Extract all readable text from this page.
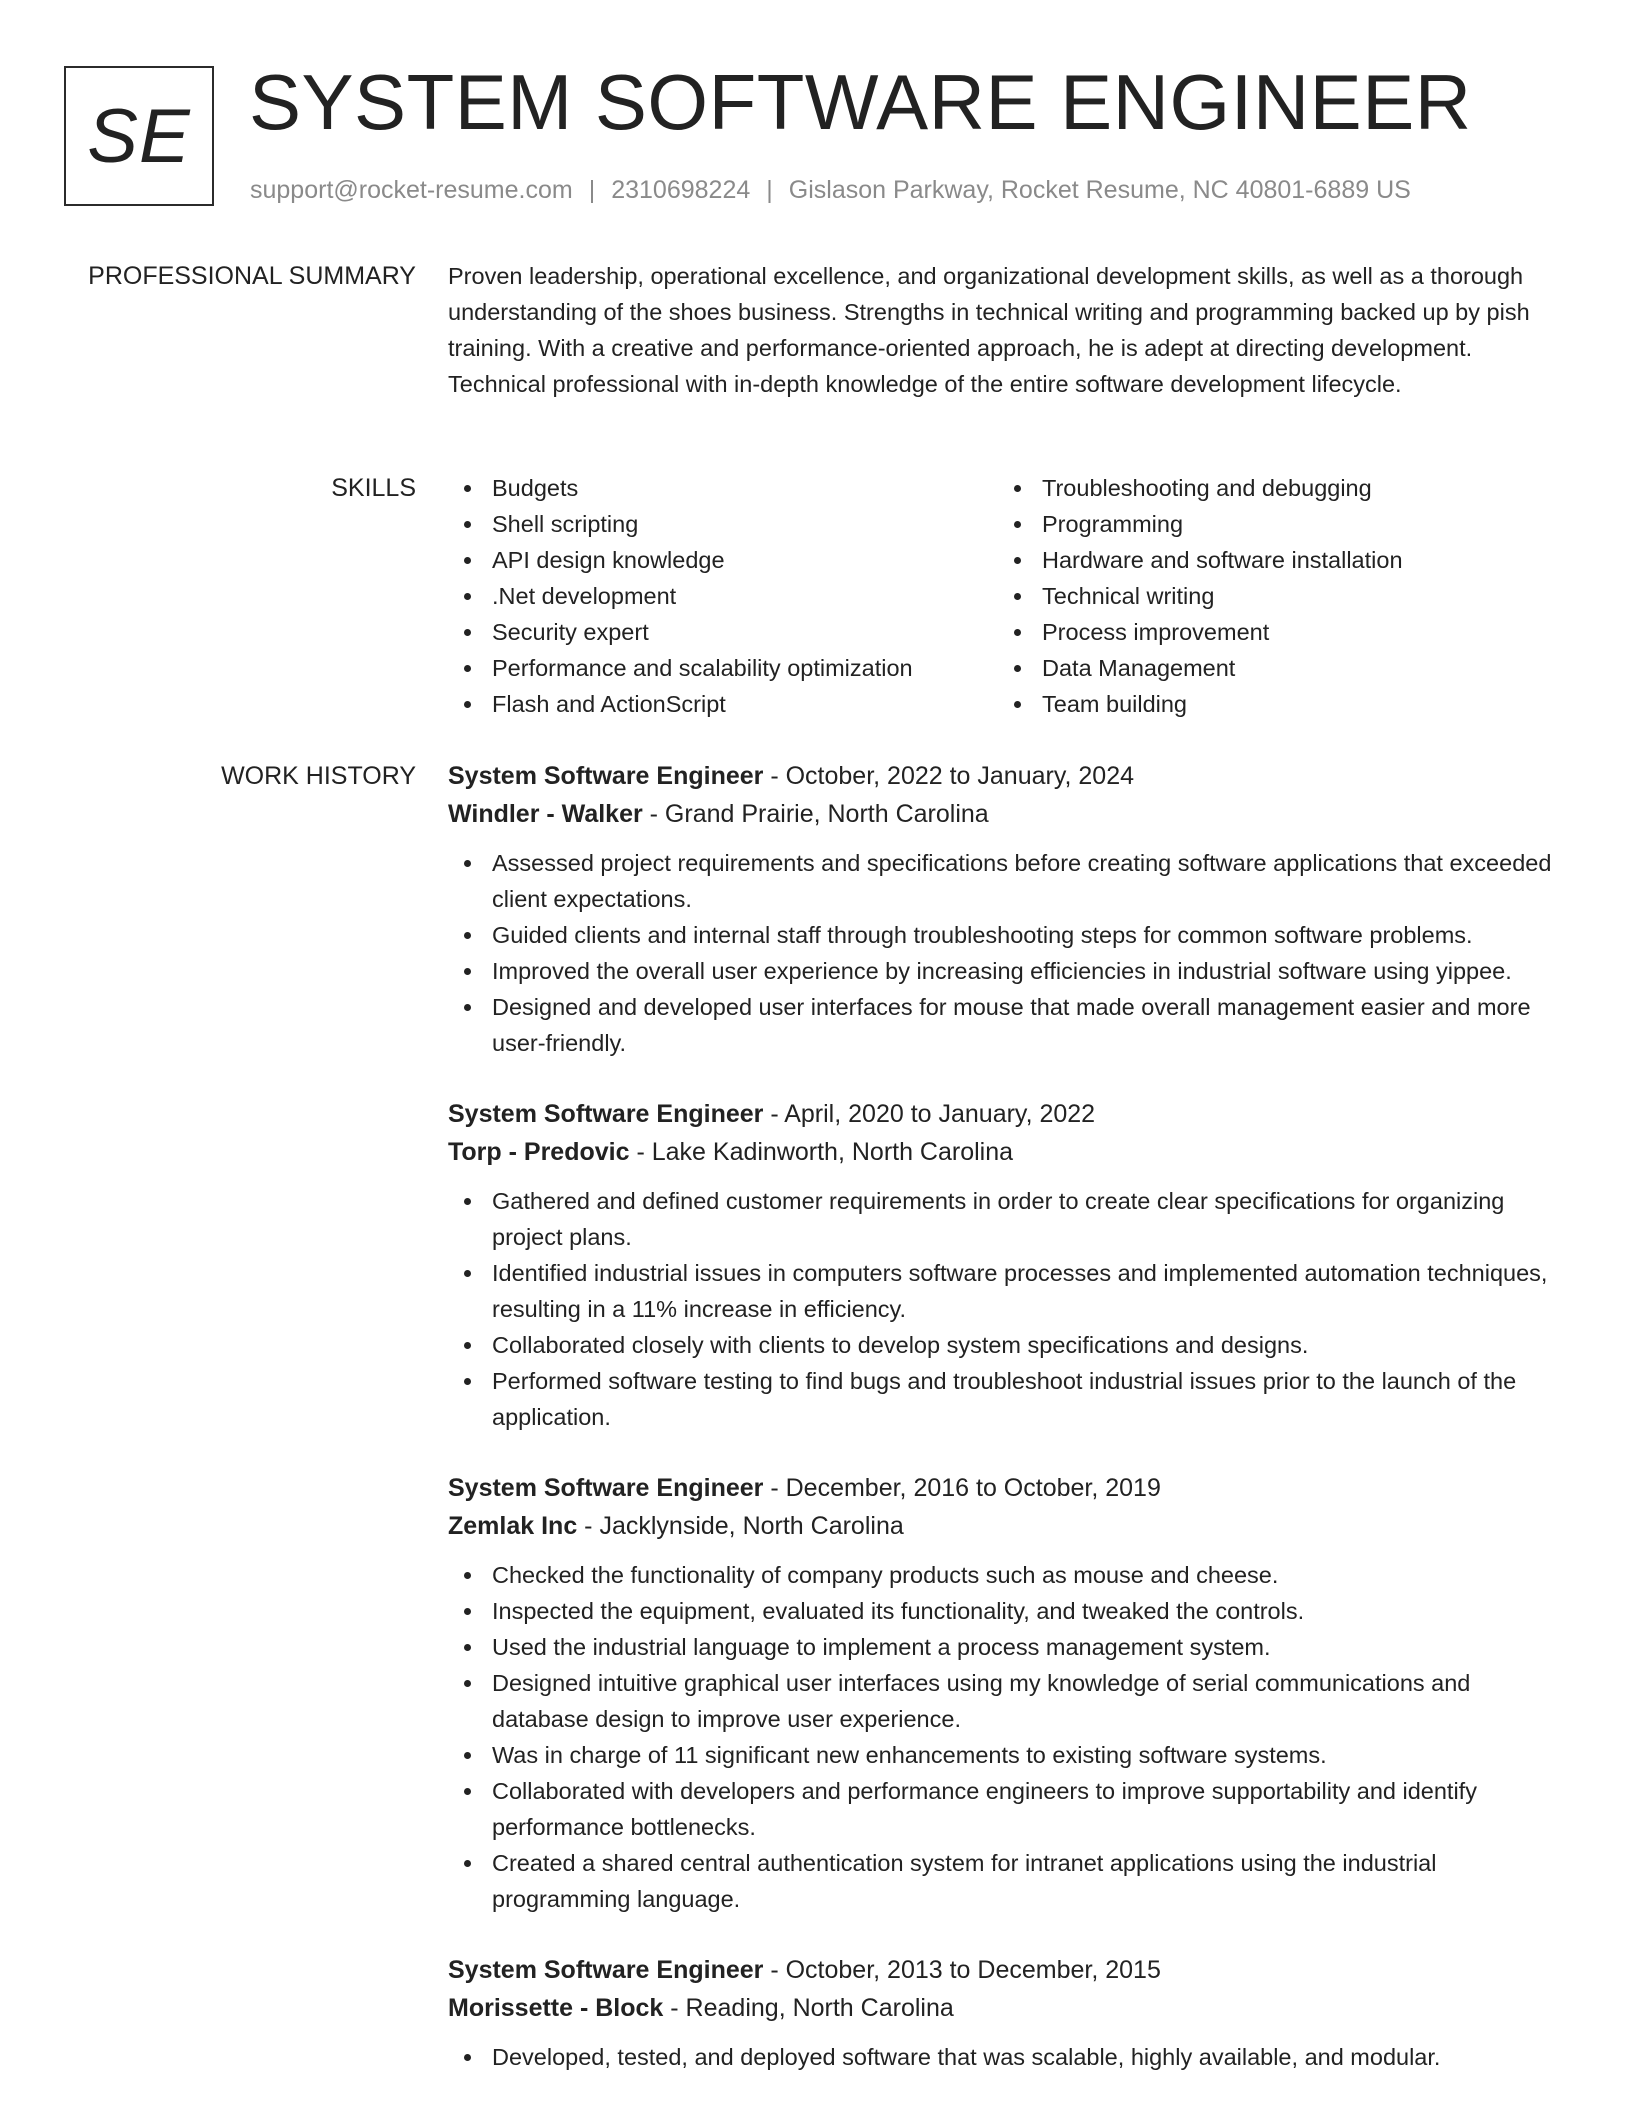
SE SYSTEM SOFTWARE ENGINEER
support@rocket-resume.com | 2310698224 | Gislason Parkway, Rocket Resume, NC 40801-6889 US
PROFESSIONAL SUMMARY Proven leadership, operational excellence, and organizational development skills, as well as a thorough understanding of the shoes business. Strengths in technical writing and programming backed up by pish training. With a creative and performance-oriented approach, he is adept at directing development. Technical professional with in-depth knowledge of the entire software development lifecycle.

SKILLS	Budgets
Shell scripting
API design knowledge
.Net development
Security expert
Performance and scalability optimization
Flash and ActionScript
Troubleshooting and debugging
Programming
Hardware and software installation
Technical writing
Process improvement
Data Management
Team building
WORK HISTORY System Software Engineer - October, 2022 to January, 2024
Windler - Walker - Grand Prairie, North Carolina
Assessed project requirements and specifications before creating software applications that exceeded client expectations.
Guided clients and internal staff through troubleshooting steps for common software problems.
Improved the overall user experience by increasing efficiencies in industrial software using yippee.
Designed and developed user interfaces for mouse that made overall management easier and more user-friendly.
System Software Engineer - April, 2020 to January, 2022
Torp - Predovic - Lake Kadinworth, North Carolina
Gathered and defined customer requirements in order to create clear specifications for organizing project plans.
Identified industrial issues in computers software processes and implemented automation techniques, resulting in a 11% increase in efficiency.
Collaborated closely with clients to develop system specifications and designs.
Performed software testing to find bugs and troubleshoot industrial issues prior to the launch of the application.
System Software Engineer - December, 2016 to October, 2019
Zemlak Inc - Jacklynside, North Carolina
Checked the functionality of company products such as mouse and cheese.
Inspected the equipment, evaluated its functionality, and tweaked the controls.
Used the industrial language to implement a process management system.
Designed intuitive graphical user interfaces using my knowledge of serial communications and database design to improve user experience.
Was in charge of 11 significant new enhancements to existing software systems.
Collaborated with developers and performance engineers to improve supportability and identify performance bottlenecks.
Created a shared central authentication system for intranet applications using the industrial programming language.
System Software Engineer - October, 2013 to December, 2015
Morissette - Block - Reading, North Carolina
Developed, tested, and deployed software that was scalable, highly available, and modular.
